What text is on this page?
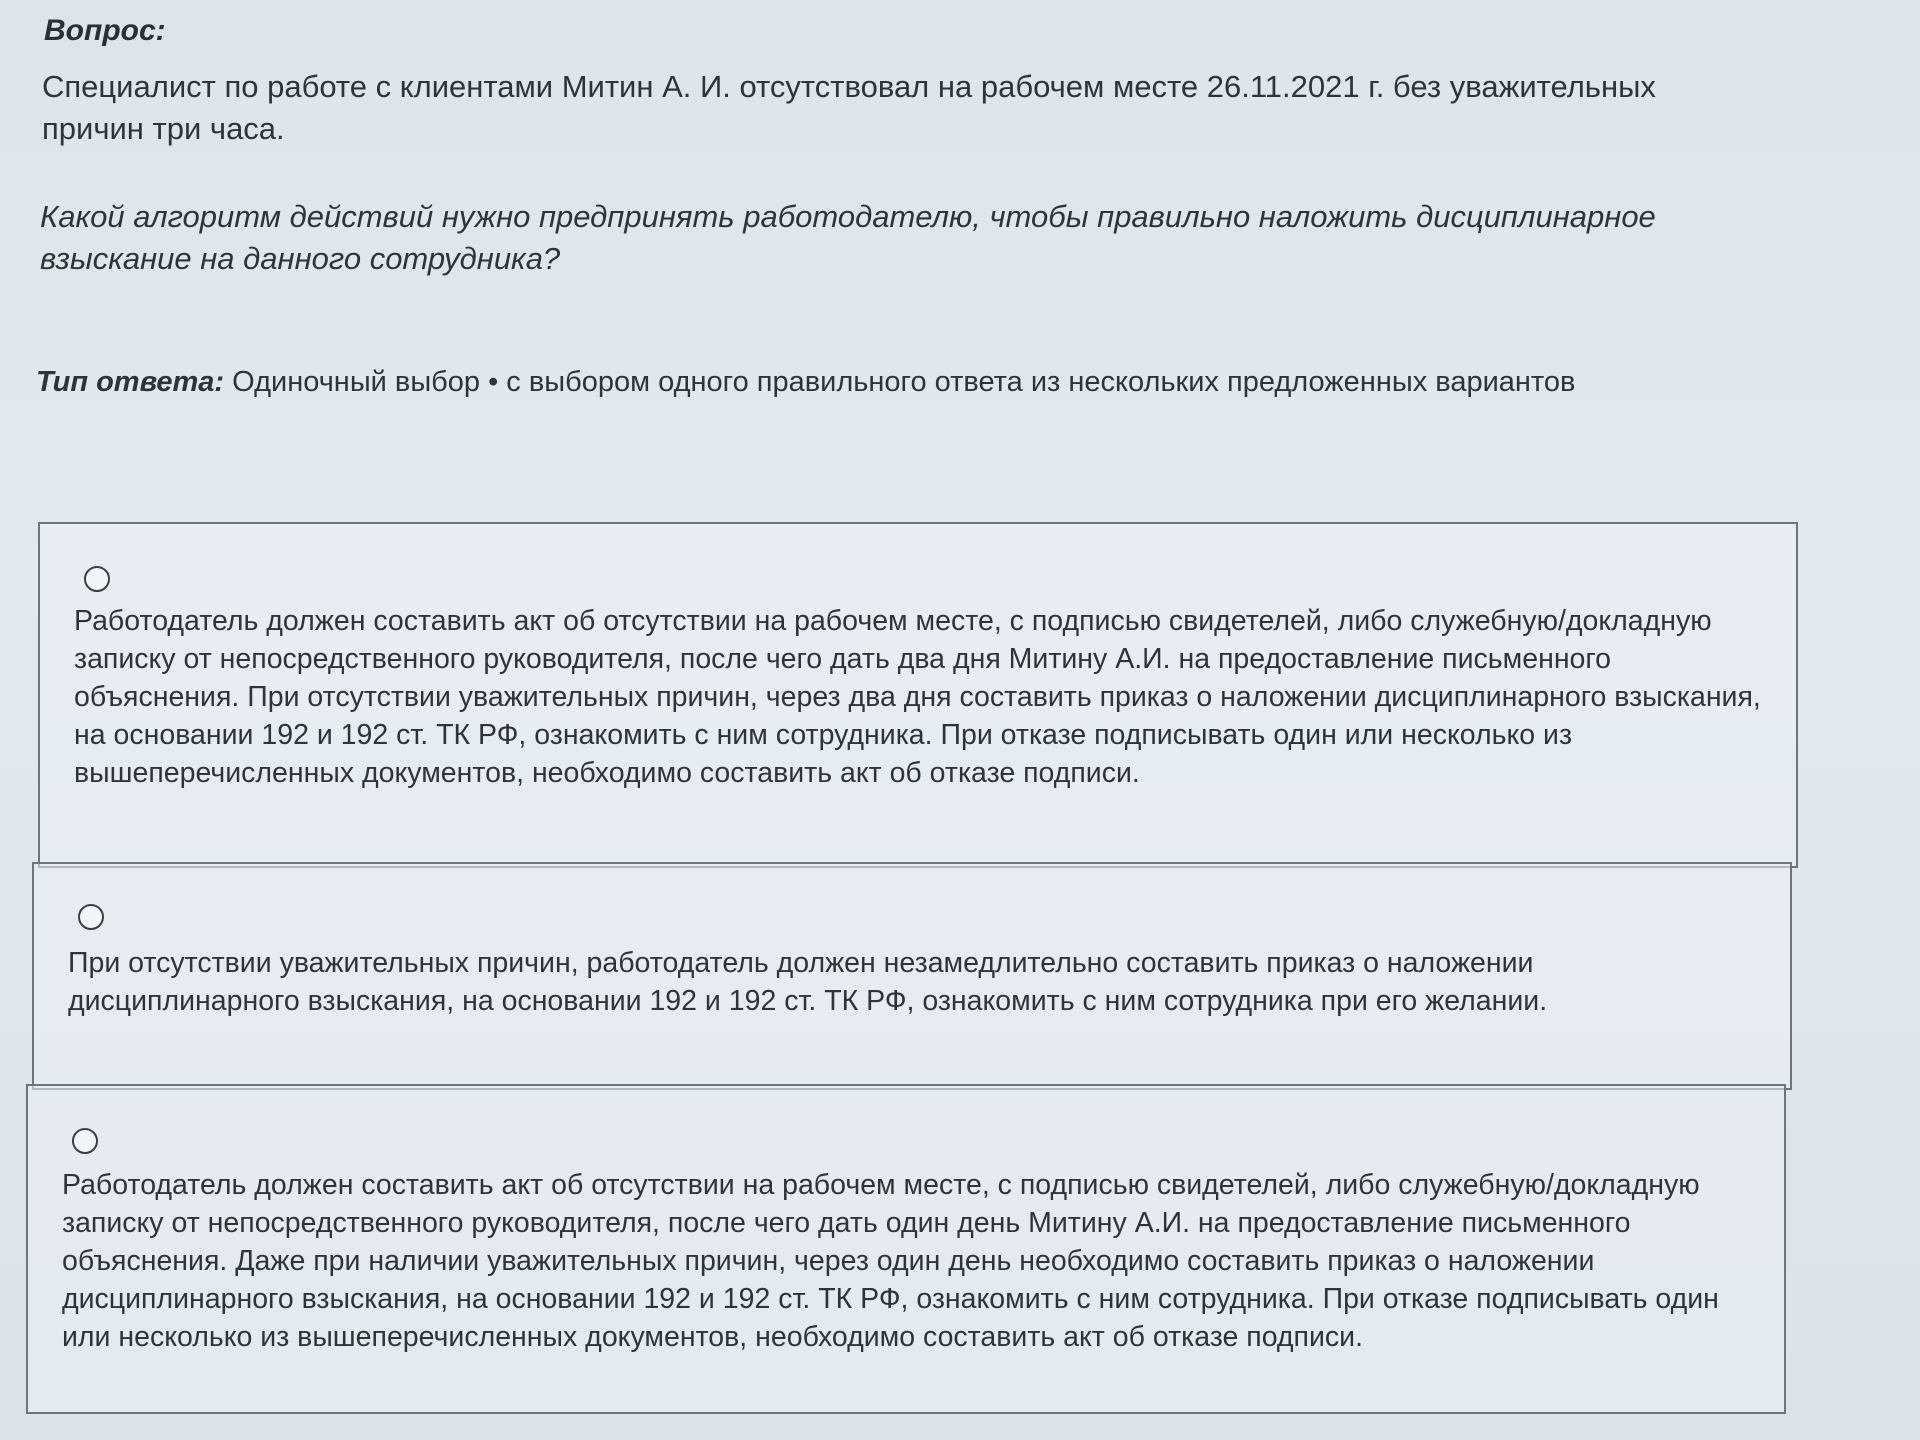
Вопрос:
Специалист по работе с клиентами Митин А. И. отсутствовал на рабочем месте 26.11.2021 г. без уважительных причин три часа.
Какой алгоритм действий нужно предпринять работодателю, чтобы правильно наложить дисциплинарное взыскание на данного сотрудника?
Тип ответа: Одиночный выбор • с выбором одного правильного ответа из нескольких предложенных вариантов
Работодатель должен составить акт об отсутствии на рабочем месте, с подписью свидетелей, либо служебную/докладную записку от непосредственного руководителя, после чего дать два дня Митину А.И. на предоставление письменного объяснения. При отсутствии уважительных причин, через два дня составить приказ о наложении дисциплинарного взыскания, на основании 192 и 192 ст. ТК РФ, ознакомить с ним сотрудника. При отказе подписывать один или несколько из вышеперечисленных документов, необходимо составить акт об отказе подписи.
При отсутствии уважительных причин, работодатель должен незамедлительно составить приказ о наложении дисциплинарного взыскания, на основании 192 и 192 ст. ТК РФ, ознакомить с ним сотрудника при его желании.
Работодатель должен составить акт об отсутствии на рабочем месте, с подписью свидетелей, либо служебную/докладную записку от непосредственного руководителя, после чего дать один день Митину А.И. на предоставление письменного объяснения. Даже при наличии уважительных причин, через один день необходимо составить приказ о наложении дисциплинарного взыскания, на основании 192 и 192 ст. ТК РФ, ознакомить с ним сотрудника. При отказе подписывать один или несколько из вышеперечисленных документов, необходимо составить акт об отказе подписи.
